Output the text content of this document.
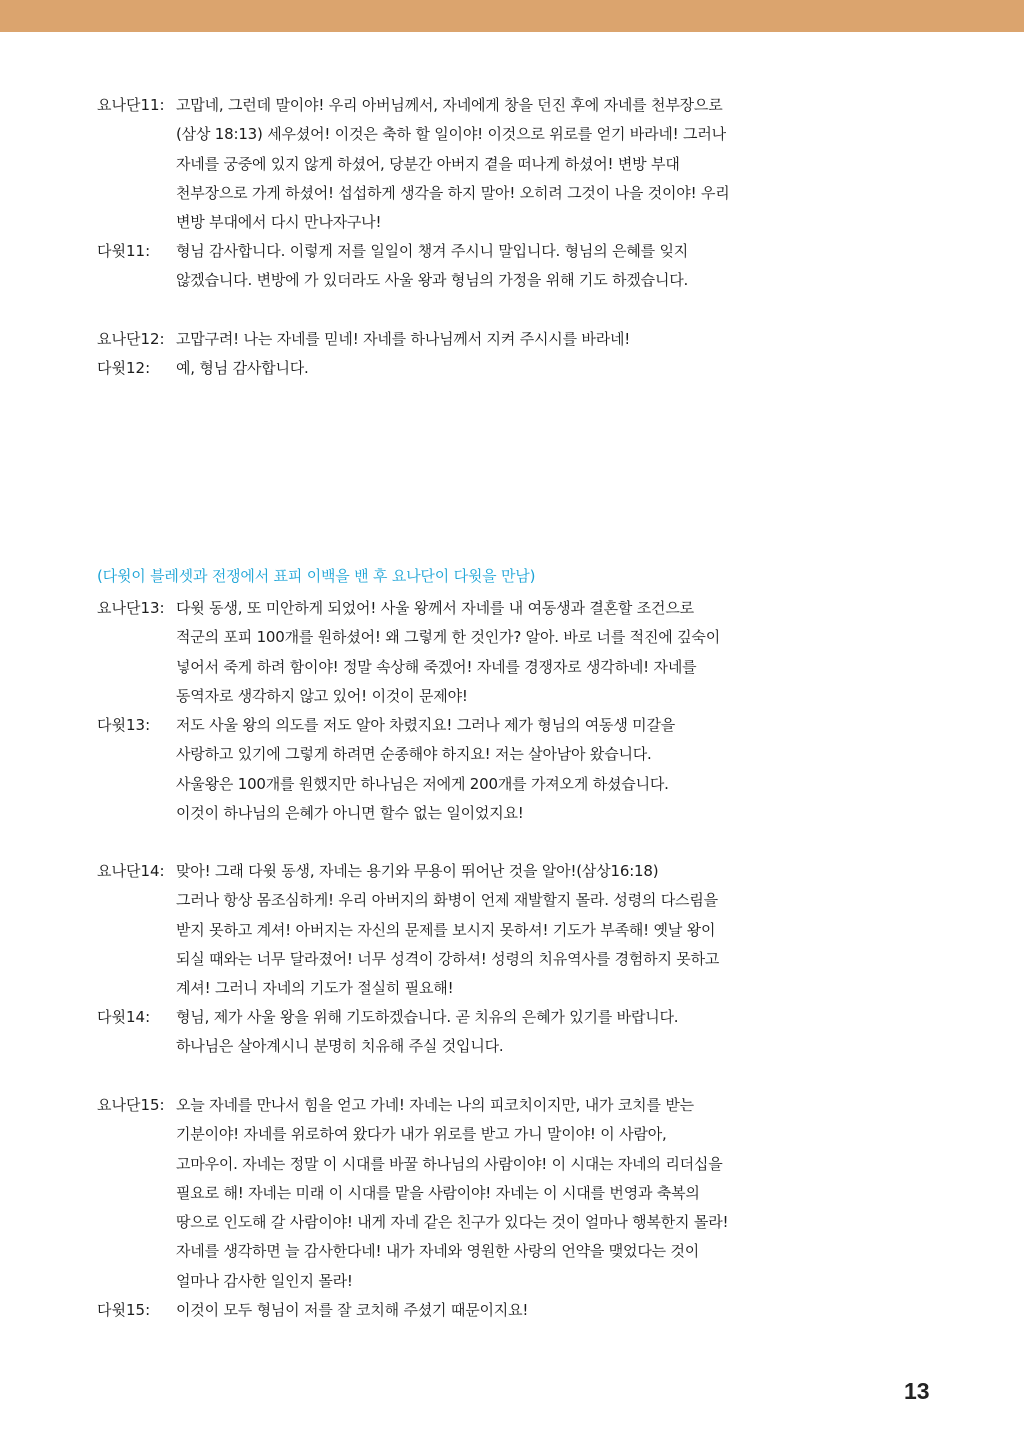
요나단11: 고맙네, 그런데 말이야! 우리 아버님께서, 자네에게 창을 던진 후에 자네를 천부장으로
(삼상 18:13) 세우셨어! 이것은 축하 할 일이야! 이것으로 위로를 얻기 바라네! 그러나
자네를 궁중에 있지 않게 하셨어, 당분간 아버지 곁을 떠나게 하셨어! 변방 부대
천부장으로 가게 하셨어! 섭섭하게 생각을 하지 말아! 오히려 그것이 나을 것이야! 우리
변방 부대에서 다시 만나자구나!
다윗11: 형님 감사합니다. 이렇게 저를 일일이 챙겨 주시니 말입니다. 형님의 은혜를 잊지
않겠습니다. 변방에 가 있더라도 사울 왕과 형님의 가정을 위해 기도 하겠습니다.
요나단12: 고맙구려! 나는 자네를 믿네! 자네를 하나님께서 지켜 주시시를 바라네!
다윗12: 예, 형님 감사합니다.
(다윗이 블레셋과 전쟁에서 표피 이백을 밴 후 요나단이 다윗을 만남)
요나단13: 다윗 동생, 또 미안하게 되었어! 사울 왕께서 자네를 내 여동생과 결혼할 조건으로
적군의 포피 100개를 원하셨어! 왜 그렇게 한 것인가? 알아. 바로 너를 적진에 깊숙이
넣어서 죽게 하려 함이야! 정말 속상해 죽겠어! 자네를 경쟁자로 생각하네! 자네를
동역자로 생각하지 않고 있어! 이것이 문제야!
다윗13: 저도 사울 왕의 의도를 저도 알아 차렸지요! 그러나 제가 형님의 여동생 미갈을
사랑하고 있기에 그렇게 하려면 순종해야 하지요! 저는 살아남아 왔습니다.
사울왕은 100개를 원했지만 하나님은 저에게 200개를 가져오게 하셨습니다.
이것이 하나님의 은혜가 아니면 할수 없는 일이었지요!
요나단14: 맞아! 그래 다윗 동생, 자네는 용기와 무용이 뛰어난 것을 알아!(삼상16:18)
그러나 항상 몸조심하게! 우리 아버지의 화병이 언제 재발할지 몰라. 성령의 다스림을
받지 못하고 계셔! 아버지는 자신의 문제를 보시지 못하셔! 기도가 부족해! 옛날 왕이
되실 때와는 너무 달라졌어! 너무 성격이 강하셔! 성령의 치유역사를 경험하지 못하고
계셔! 그러니 자네의 기도가 절실히 필요해!
다윗14: 형님, 제가 사울 왕을 위해 기도하겠습니다. 곧 치유의 은혜가 있기를 바랍니다.
하나님은 살아계시니 분명히 치유해 주실 것입니다.
요나단15: 오늘 자네를 만나서 힘을 얻고 가네! 자네는 나의 피코치이지만, 내가 코치를 받는
기분이야! 자네를 위로하여 왔다가 내가 위로를 받고 가니 말이야! 이 사람아,
고마우이. 자네는 정말 이 시대를 바꿀 하나님의 사람이야! 이 시대는 자네의 리더십을
필요로 해! 자네는 미래 이 시대를 맡을 사람이야! 자네는 이 시대를 번영과 축복의
땅으로 인도해 갈 사람이야! 내게 자네 같은 친구가 있다는 것이 얼마나 행복한지 몰라!
자네를 생각하면 늘 감사한다네! 내가 자네와 영원한 사랑의 언약을 맺었다는 것이
얼마나 감사한 일인지 몰라!
다윗15: 이것이 모두 형님이 저를 잘 코치해 주셨기 때문이지요!
13
